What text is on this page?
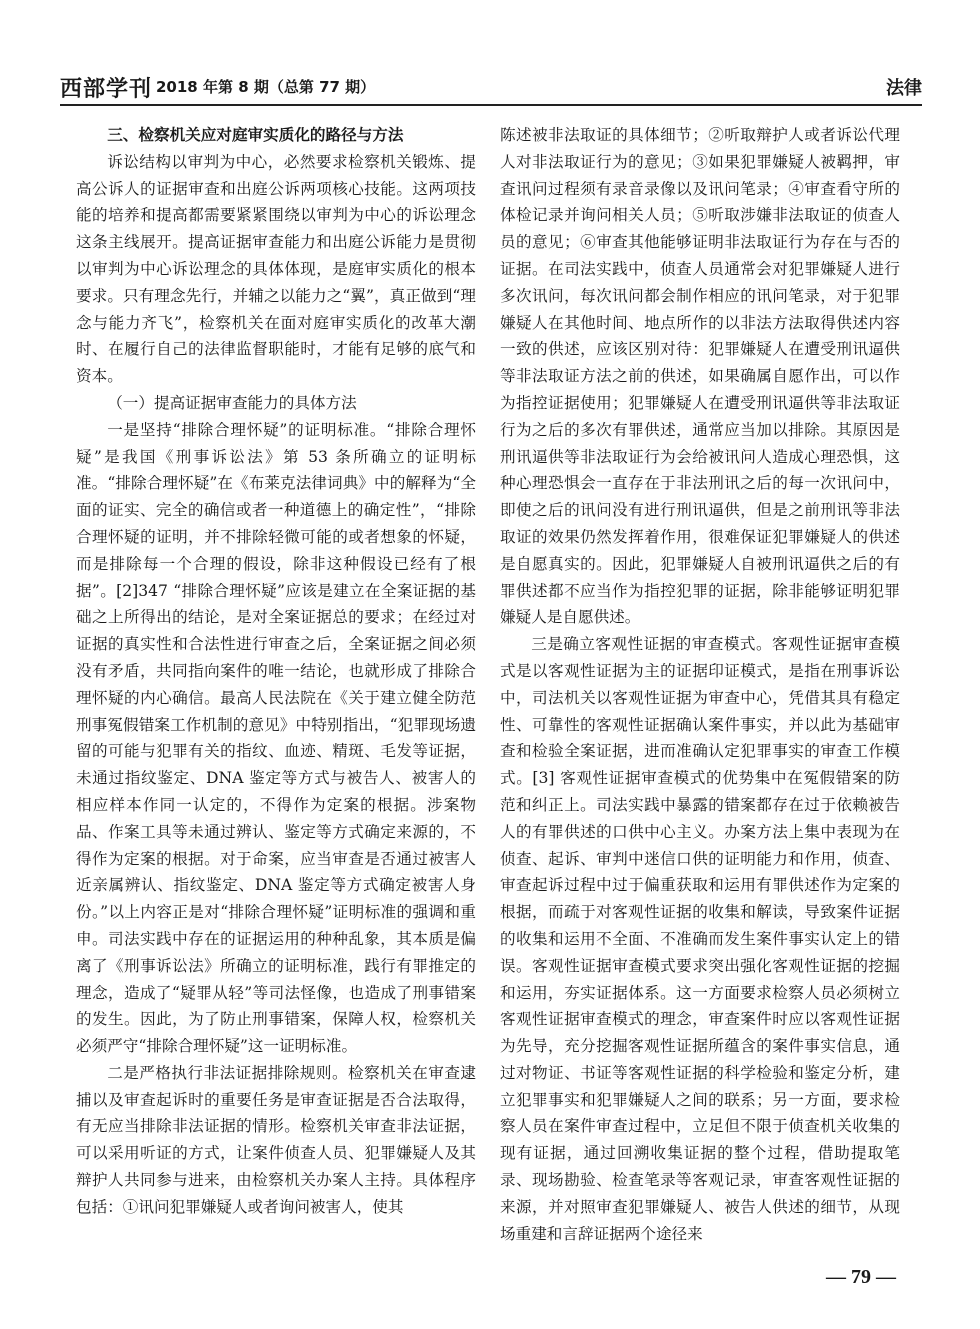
西部学刊 2018 年第 8 期（总第 77 期）	法律
三、检察机关应对庭审实质化的路径与方法

诉讼结构以审判为中心，必然要求检察机关锻炼、提高公诉人的证据审查和出庭公诉两项核心技能。这两项技能的培养和提高都需要紧紧围绕以审判为中心的诉讼理念这条主线展开。提高证据审查能力和出庭公诉能力是贯彻以审判为中心诉讼理念的具体体现，是庭审实质化的根本要求。只有理念先行，并辅之以能力之“翼”，真正做到“理念与能力齐飞”，检察机关在面对庭审实质化的改革大潮时、在履行自己的法律监督职能时，才能有足够的底气和资本。

（一）提高证据审查能力的具体方法

一是坚持“排除合理怀疑”的证明标准。“排除合理怀疑”是我国《刑事诉讼法》第 53 条所确立的证明标准。“排除合理怀疑”在《布莱克法律词典》中的解释为“全面的证实、完全的确信或者一种道德上的确定性”，“排除合理怀疑的证明，并不排除轻微可能的或者想象的怀疑，而是排除每一个合理的假设，除非这种假设已经有了根据”。[2]347 “排除合理怀疑”应该是建立在全案证据的基础之上所得出的结论，是对全案证据总的要求；在经过对证据的真实性和合法性进行审查之后，全案证据之间必须没有矛盾，共同指向案件的唯一结论，也就形成了排除合理怀疑的内心确信。最高人民法院在《关于建立健全防范刑事冤假错案工作机制的意见》中特别指出，“犯罪现场遗留的可能与犯罪有关的指纹、血迹、精斑、毛发等证据，未通过指纹鉴定、DNA 鉴定等方式与被告人、被害人的相应样本作同一认定的，不得作为定案的根据。涉案物品、作案工具等未通过辨认、鉴定等方式确定来源的，不得作为定案的根据。对于命案，应当审查是否通过被害人近亲属辨认、指纹鉴定、DNA 鉴定等方式确定被害人身份。”以上内容正是对“排除合理怀疑”证明标准的强调和重申。司法实践中存在的证据运用的种种乱象，其本质是偏离了《刑事诉讼法》所确立的证明标准，践行有罪推定的理念，造成了“疑罪从轻”等司法怪像，也造成了刑事错案的发生。因此，为了防止刑事错案，保障人权，检察机关必须严守“排除合理怀疑”这一证明标准。

二是严格执行非法证据排除规则。检察机关在审查逮捕以及审查起诉时的重要任务是审查证据是否合法取得，有无应当排除非法证据的情形。检察机关审查非法证据，可以采用听证的方式，让案件侦查人员、犯罪嫌疑人及其辩护人共同参与进来，由检察机关办案人主持。具体程序包括：①讯问犯罪嫌疑人或者询问被害人，使其

陈述被非法取证的具体细节；②听取辩护人或者诉讼代理人对非法取证行为的意见；③如果犯罪嫌疑人被羁押，审查讯问过程须有录音录像以及讯问笔录；④审查看守所的体检记录并询问相关人员；⑤听取涉嫌非法取证的侦查人员的意见；⑥审查其他能够证明非法取证行为存在与否的证据。在司法实践中，侦查人员通常会对犯罪嫌疑人进行多次讯问，每次讯问都会制作相应的讯问笔录，对于犯罪嫌疑人在其他时间、地点所作的以非法方法取得供述内容一致的供述，应该区别对待：犯罪嫌疑人在遭受刑讯逼供等非法取证方法之前的供述，如果确属自愿作出，可以作为指控证据使用；犯罪嫌疑人在遭受刑讯逼供等非法取证行为之后的多次有罪供述，通常应当加以排除。其原因是刑讯逼供等非法取证行为会给被讯问人造成心理恐惧，这种心理恐惧会一直存在于非法刑讯之后的每一次讯问中，即使之后的讯问没有进行刑讯逼供，但是之前刑讯等非法取证的效果仍然发挥着作用，很难保证犯罪嫌疑人的供述是自愿真实的。因此，犯罪嫌疑人自被刑讯逼供之后的有罪供述都不应当作为指控犯罪的证据，除非能够证明犯罪嫌疑人是自愿供述。

三是确立客观性证据的审查模式。客观性证据审查模式是以客观性证据为主的证据印证模式，是指在刑事诉讼中，司法机关以客观性证据为审查中心，凭借其具有稳定性、可靠性的客观性证据确认案件事实，并以此为基础审查和检验全案证据，进而准确认定犯罪事实的审查工作模式。[3] 客观性证据审查模式的优势集中在冤假错案的防范和纠正上。司法实践中暴露的错案都存在过于依赖被告人的有罪供述的口供中心主义。办案方法上集中表现为在侦查、起诉、审判中迷信口供的证明能力和作用，侦查、审查起诉过程中过于偏重获取和运用有罪供述作为定案的根据，而疏于对客观性证据的收集和解读，导致案件证据的收集和运用不全面、不准确而发生案件事实认定上的错误。客观性证据审查模式要求突出强化客观性证据的挖掘和运用，夯实证据体系。这一方面要求检察人员必须树立客观性证据审查模式的理念，审查案件时应以客观性证据为先导，充分挖掘客观性证据所蕴含的案件事实信息，通过对物证、书证等客观性证据的科学检验和鉴定分析，建立犯罪事实和犯罪嫌疑人之间的联系；另一方面，要求检察人员在案件审查过程中，立足但不限于侦查机关收集的现有证据，通过回溯收集证据的整个过程，借助提取笔录、现场勘验、检查笔录等客观记录，审查客观性证据的来源，并对照审查犯罪嫌疑人、被告人供述的细节，从现场重建和言辞证据两个途径来

— 79 —
